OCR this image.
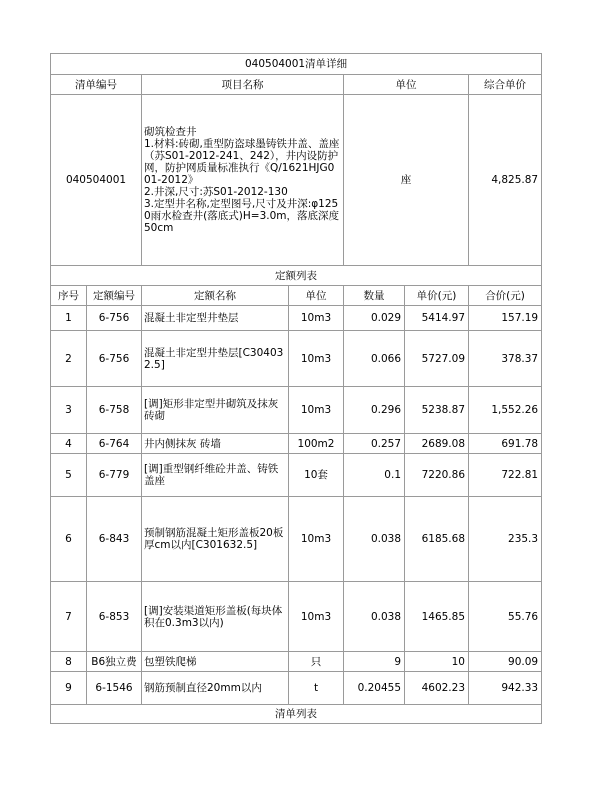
040504001清单详细						
清单编号		项目名称		单位		综合单价
040504001		砌筑检查井
1.材料:砖砌,重型防盗球墨铸铁井盖、盖座（苏S01-2012-241、242），井内设防护网，防护网质量标准执行《Q/1621HJG001-2012》
2.井深,尺寸:苏S01-2012-130
3.定型井名称,定型图号,尺寸及井深:φ1250雨水检查井(落底式)H=3.0m，落底深度50cm		座		4,825.87
定额列表						
序号	定额编号	定额名称	单位	数量	单价(元)	合价(元)
1	6-756	混凝土非定型井垫层	10m3	0.029	5414.97	157.19
2	6-756	混凝土非定型井垫层[C304032.5]	10m3	0.066	5727.09	378.37
3	6-758	[调]矩形非定型井砌筑及抹灰 砖砌	10m3	0.296	5238.87	1,552.26
4	6-764	井内侧抹灰 砖墙	100m2	0.257	2689.08	691.78
5	6-779	[调]重型钢纤维砼井盖、铸铁盖座	10套	0.1	7220.86	722.81
6	6-843	预制钢筋混凝土矩形盖板20板厚cm以内[C301632.5]	10m3	0.038	6185.68	235.3
7	6-853	[调]安装渠道矩形盖板(每块体积在0.3m3以内)	10m3	0.038	1465.85	55.76
8	B6独立费	包塑铁爬梯	只	9	10	90.09
9	6-1546	钢筋预制直径20mm以内	t	0.20455	4602.23	942.33
清单列表						
